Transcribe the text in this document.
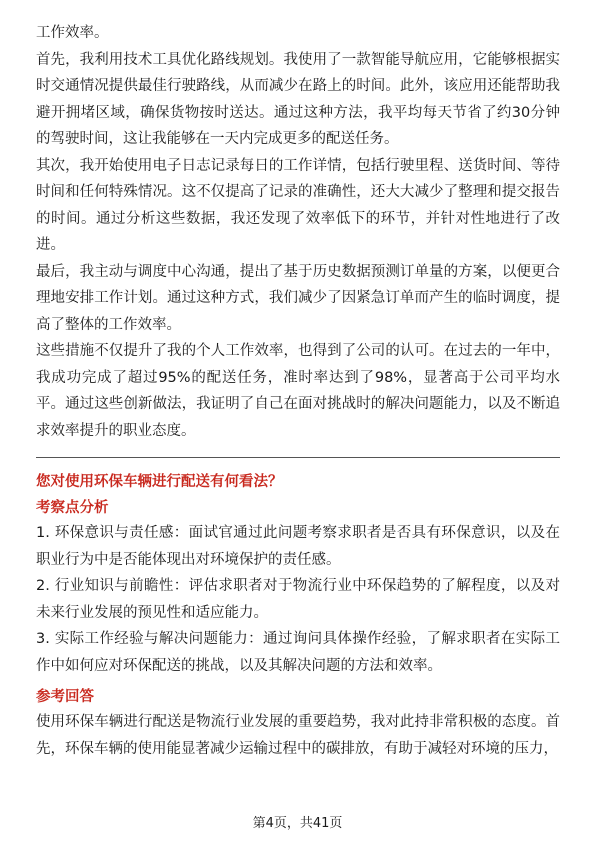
工作效率。

首先，我利用技术工具优化路线规划。我使用了一款智能导航应用，它能够根据实时交通情况提供最佳行驶路线，从而减少在路上的时间。此外，该应用还能帮助我避开拥堵区域，确保货物按时送达。通过这种方法，我平均每天节省了约30分钟的驾驶时间，这让我能够在一天内完成更多的配送任务。

其次，我开始使用电子日志记录每日的工作详情，包括行驶里程、送货时间、等待时间和任何特殊情况。这不仅提高了记录的准确性，还大大减少了整理和提交报告的时间。通过分析这些数据，我还发现了效率低下的环节，并针对性地进行了改进。

最后，我主动与调度中心沟通，提出了基于历史数据预测订单量的方案，以便更合理地安排工作计划。通过这种方式，我们减少了因紧急订单而产生的临时调度，提高了整体的工作效率。

这些措施不仅提升了我的个人工作效率，也得到了公司的认可。在过去的一年中，我成功完成了超过95%的配送任务，准时率达到了98%，显著高于公司平均水平。通过这些创新做法，我证明了自己在面对挑战时的解决问题能力，以及不断追求效率提升的职业态度。

您对使用环保车辆进行配送有何看法？
考察点分析

1. 环保意识与责任感：面试官通过此问题考察求职者是否具有环保意识，以及在职业行为中是否能体现出对环境保护的责任感。

2. 行业知识与前瞻性：评估求职者对于物流行业中环保趋势的了解程度，以及对未来行业发展的预见性和适应能力。

3. 实际工作经验与解决问题能力：通过询问具体操作经验，了解求职者在实际工作中如何应对环保配送的挑战，以及其解决问题的方法和效率。

参考回答

使用环保车辆进行配送是物流行业发展的重要趋势，我对此持非常积极的态度。首先，环保车辆的使用能显著减少运输过程中的碳排放，有助于减轻对环境的压力，

第4页，共41页
